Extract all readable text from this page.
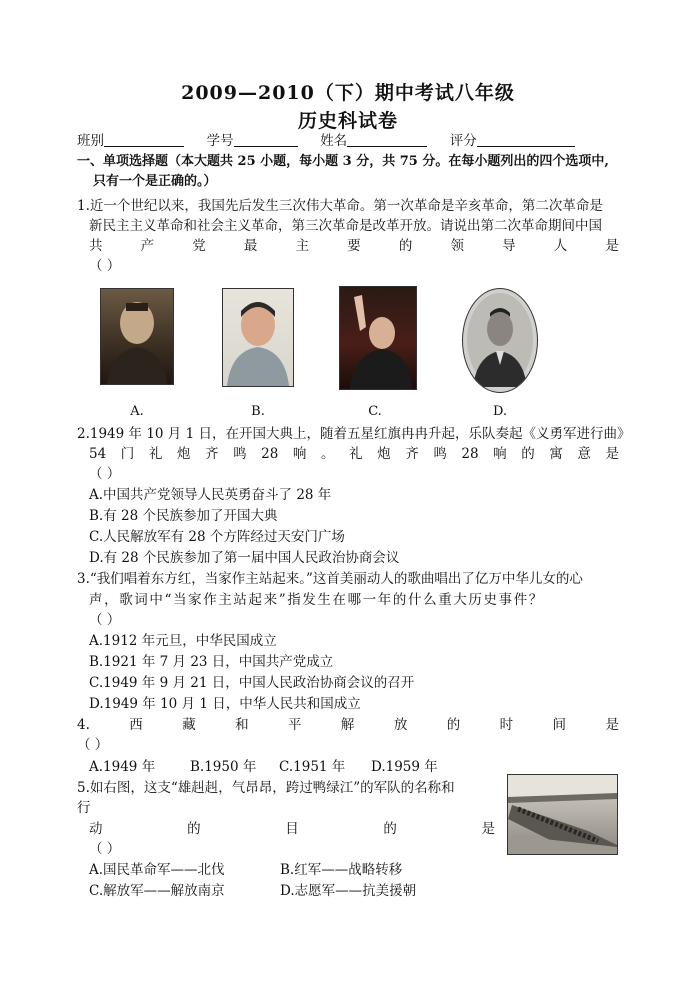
2009—2010（下）期中考试八年级
历史科试卷
班别	学号	姓名	评分
一、单项选择题（本大题共 25 小题，每小题 3 分，共 75 分。在每小题列出的四个选项中,
只有一个是正确的。）
1.近一个世纪以来，我国先后发生三次伟大革命。第一次革命是辛亥革命，第二次革命是
新民主主义革命和社会主义革命，第三次革命是改革开放。请说出第二次革命期间中国
共	产	党	最	主	要	的	领	导	人	是
（ ）
A.	B.	C.	D.
2.1949 年 10 月 1 日，在开国大典上，随着五星红旗冉冉升起，乐队奏起《义勇军进行曲》
54 门 礼 炮 齐 鸣 28 响 。 礼 炮 齐 鸣 28 响 的 寓 意 是
（ ）
A.中国共产党领导人民英勇奋斗了 28 年
B.有 28 个民族参加了开国大典
C.人民解放军有 28 个方阵经过天安门广场
D.有 28 个民族参加了第一届中国人民政治协商会议
3.“我们唱着东方红，当家作主站起来。”这首美丽动人的歌曲唱出了亿万中华儿女的心
声，歌词中“当家作主站起来”指发生在哪一年的什么重大历史事件？
（ ）
A.1912 年元旦，中华民国成立
B.1921 年 7 月 23 日，中国共产党成立
C.1949 年 9 月 21 日，中国人民政治协商会议的召开
D.1949 年 10 月 1 日，中华人民共和国成立
4.	西	藏	和	平	解	放	的	时	间	是
（ ）
A.1949 年	B.1950 年 C.1951 年 D.1959 年
5.如右图，这支“雄赳赳，气昂昂，跨过鸭绿江”的军队的名称和
行
动	的	目	的	是
（ ）
A.国民革命军——北伐	B.红军——战略转移
C.解放军——解放南京	D.志愿军——抗美援朝
